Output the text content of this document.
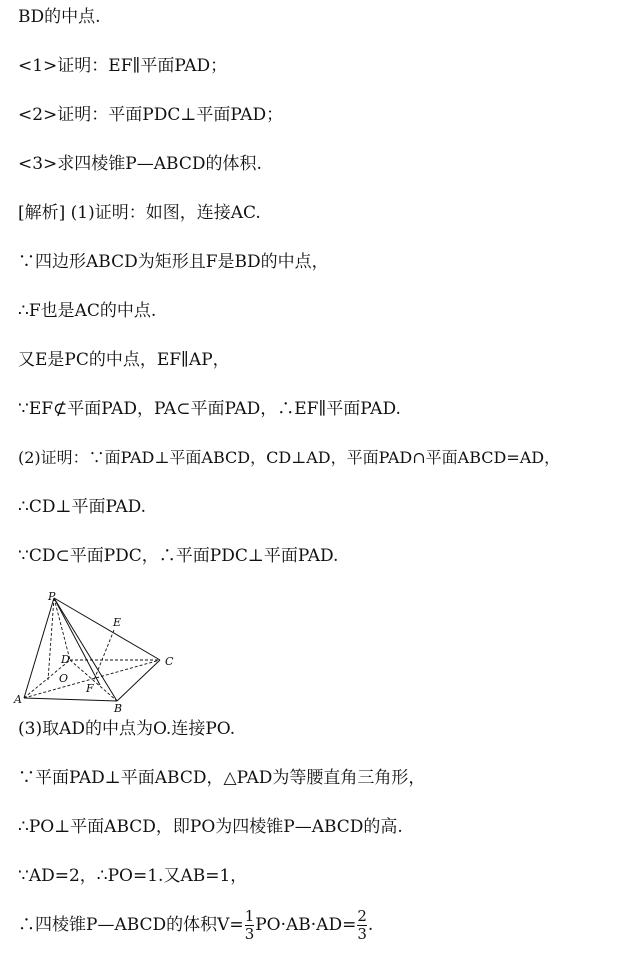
BD的中点.
<1>证明：EF∥平面PAD；
<2>证明：平面PDC⊥平面PAD；
<3>求四棱锥P—ABCD的体积.
[解析] (1)证明：如图，连接AC.
∵四边形ABCD为矩形且F是BD的中点，
∴F也是AC的中点.
又E是PC的中点，EF∥AP，
∵EF⊄平面PAD，PA⊂平面PAD，∴EF∥平面PAD.
(2)证明：∵面PAD⊥平面ABCD，CD⊥AD，平面PAD∩平面ABCD=AD，
∴CD⊥平面PAD.
∵CD⊂平面PDC，∴平面PDC⊥平面PAD.
P
E
D	C
O
F
A
B
(3)取AD的中点为O.连接PO.
∵平面PAD⊥平面ABCD，△PAD为等腰直角三角形，
∴PO⊥平面ABCD，即PO为四棱锥P—ABCD的高.
∵AD=2，∴PO=1.又AB=1，
∴四棱锥P—ABCD的体积$V= \frac{1}{3} PO\cdot AB\cdot AD= \frac{2}{3}$ .
